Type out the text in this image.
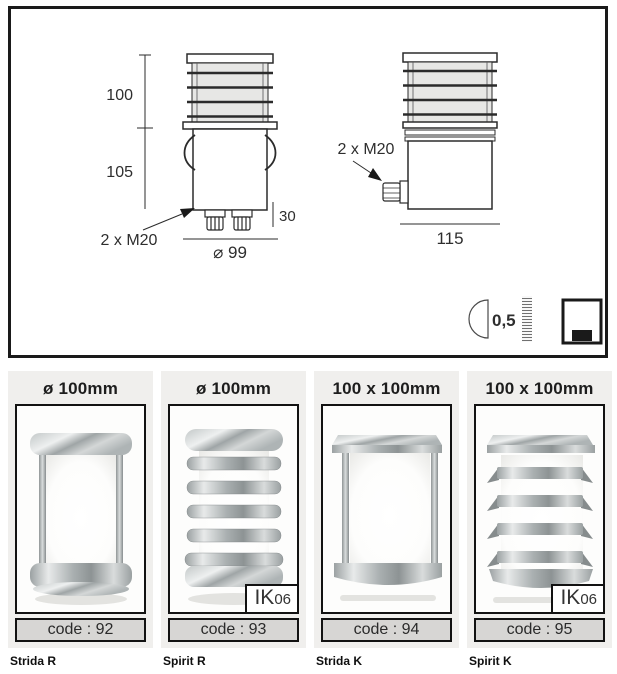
100
105
30
⌀ 99
2 x M20	115
2 x M20
0,5
ø 100mm
code : 92
Strida R
ø 100mm
IK 06
code : 93
Spirit R
100 x 100mm
code : 94
Strida K
100 x 100mm
IK 06
code : 95
Spirit K
